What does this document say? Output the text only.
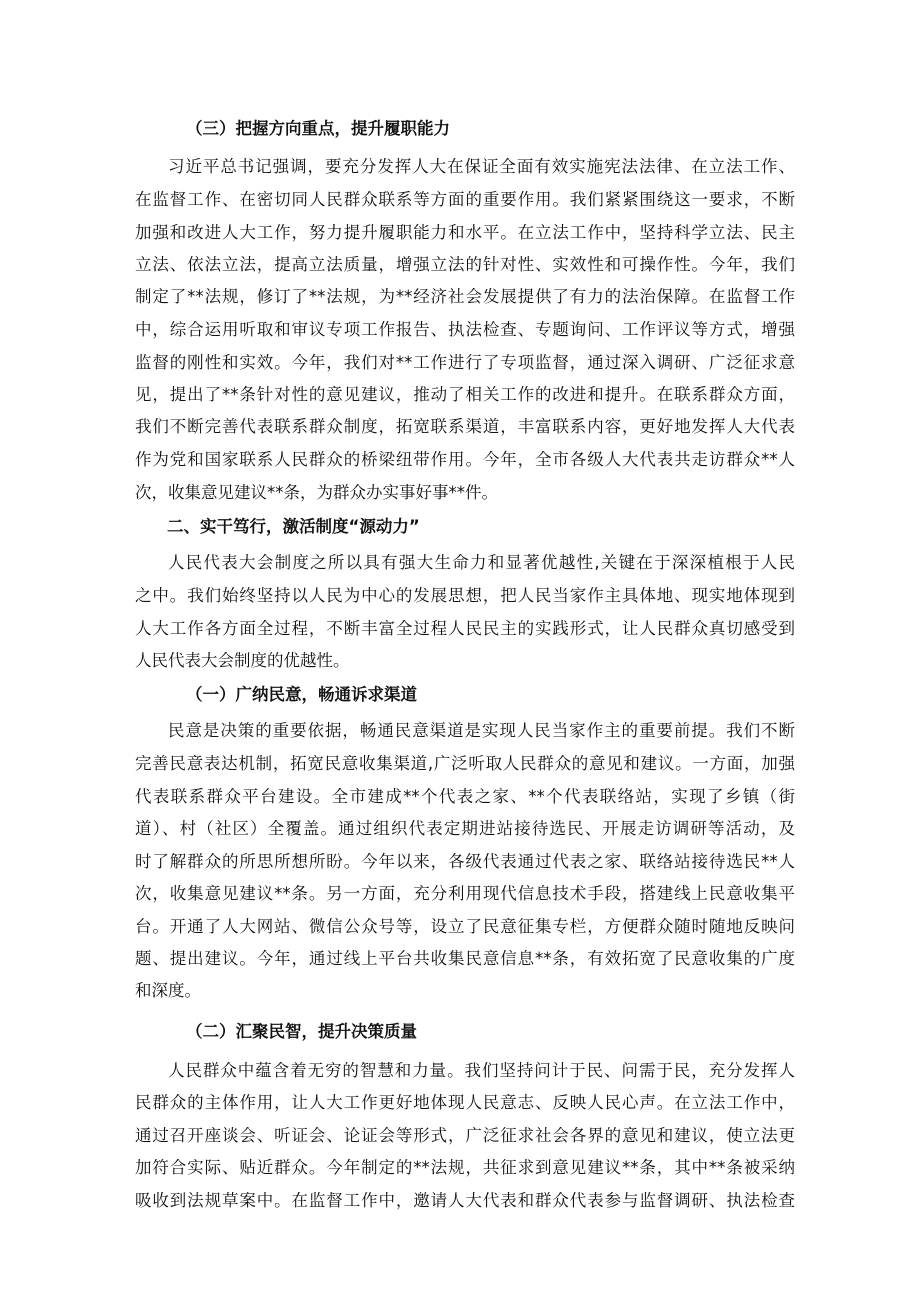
（三）把握方向重点，提升履职能力
习近平总书记强调，要充分发挥人大在保证全面有效实施宪法法律、在立法工作、
在监督工作、在密切同人民群众联系等方面的重要作用。我们紧紧围绕这一要求，不断
加强和改进人大工作，努力提升履职能力和水平。在立法工作中，坚持科学立法、民主
立法、依法立法，提高立法质量，增强立法的针对性、实效性和可操作性。今年，我们
制定了**法规，修订了**法规，为**经济社会发展提供了有力的法治保障。在监督工作
中，综合运用听取和审议专项工作报告、执法检查、专题询问、工作评议等方式，增强
监督的刚性和实效。今年，我们对**工作进行了专项监督，通过深入调研、广泛征求意
见，提出了**条针对性的意见建议，推动了相关工作的改进和提升。在联系群众方面，
我们不断完善代表联系群众制度，拓宽联系渠道，丰富联系内容，更好地发挥人大代表
作为党和国家联系人民群众的桥梁纽带作用。今年，全市各级人大代表共走访群众**人
次，收集意见建议**条，为群众办实事好事**件。
二、实干笃行，激活制度“源动力”
人民代表大会制度之所以具有强大生命力和显著优越性,关键在于深深植根于人民
之中。我们始终坚持以人民为中心的发展思想，把人民当家作主具体地、现实地体现到
人大工作各方面全过程，不断丰富全过程人民民主的实践形式，让人民群众真切感受到
人民代表大会制度的优越性。
（一）广纳民意，畅通诉求渠道
民意是决策的重要依据，畅通民意渠道是实现人民当家作主的重要前提。我们不断
完善民意表达机制，拓宽民意收集渠道,广泛听取人民群众的意见和建议。一方面，加强
代表联系群众平台建设。全市建成**个代表之家、**个代表联络站，实现了乡镇（街
道）、村（社区）全覆盖。通过组织代表定期进站接待选民、开展走访调研等活动，及
时了解群众的所思所想所盼。今年以来，各级代表通过代表之家、联络站接待选民**人
次，收集意见建议**条。另一方面，充分利用现代信息技术手段，搭建线上民意收集平
台。开通了人大网站、微信公众号等，设立了民意征集专栏，方便群众随时随地反映问
题、提出建议。今年，通过线上平台共收集民意信息**条，有效拓宽了民意收集的广度
和深度。
（二）汇聚民智，提升决策质量
人民群众中蕴含着无穷的智慧和力量。我们坚持问计于民、问需于民，充分发挥人
民群众的主体作用，让人大工作更好地体现人民意志、反映人民心声。在立法工作中，
通过召开座谈会、听证会、论证会等形式，广泛征求社会各界的意见和建议，使立法更
加符合实际、贴近群众。今年制定的**法规，共征求到意见建议**条，其中**条被采纳
吸收到法规草案中。在监督工作中，邀请人大代表和群众代表参与监督调研、执法检查
